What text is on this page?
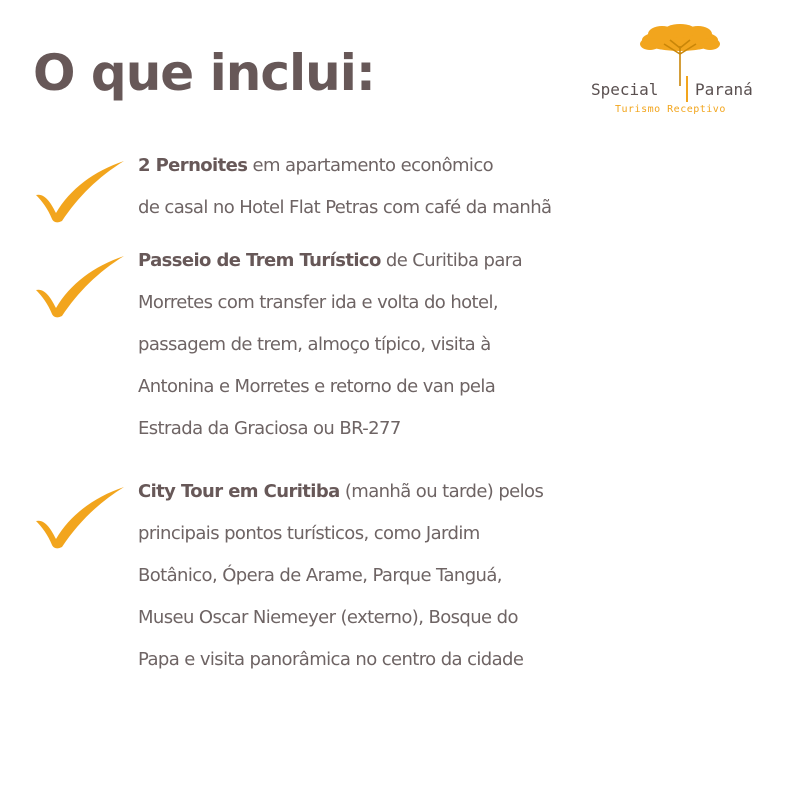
O que inclui:	Special Paraná
Turismo Receptivo
2 Pernoites em apartamento econômico
de casal no Hotel Flat Petras com café da manhã
Passeio de Trem Turístico de Curitiba para
Morretes com transfer ida e volta do hotel,
passagem de trem, almoço típico, visita à
Antonina e Morretes e retorno de van pela
Estrada da Graciosa ou BR-277
City Tour em Curitiba (manhã ou tarde) pelos
principais pontos turísticos, como Jardim
Botânico, Ópera de Arame, Parque Tanguá,
Museu Oscar Niemeyer (externo), Bosque do
Papa e visita panorâmica no centro da cidade
